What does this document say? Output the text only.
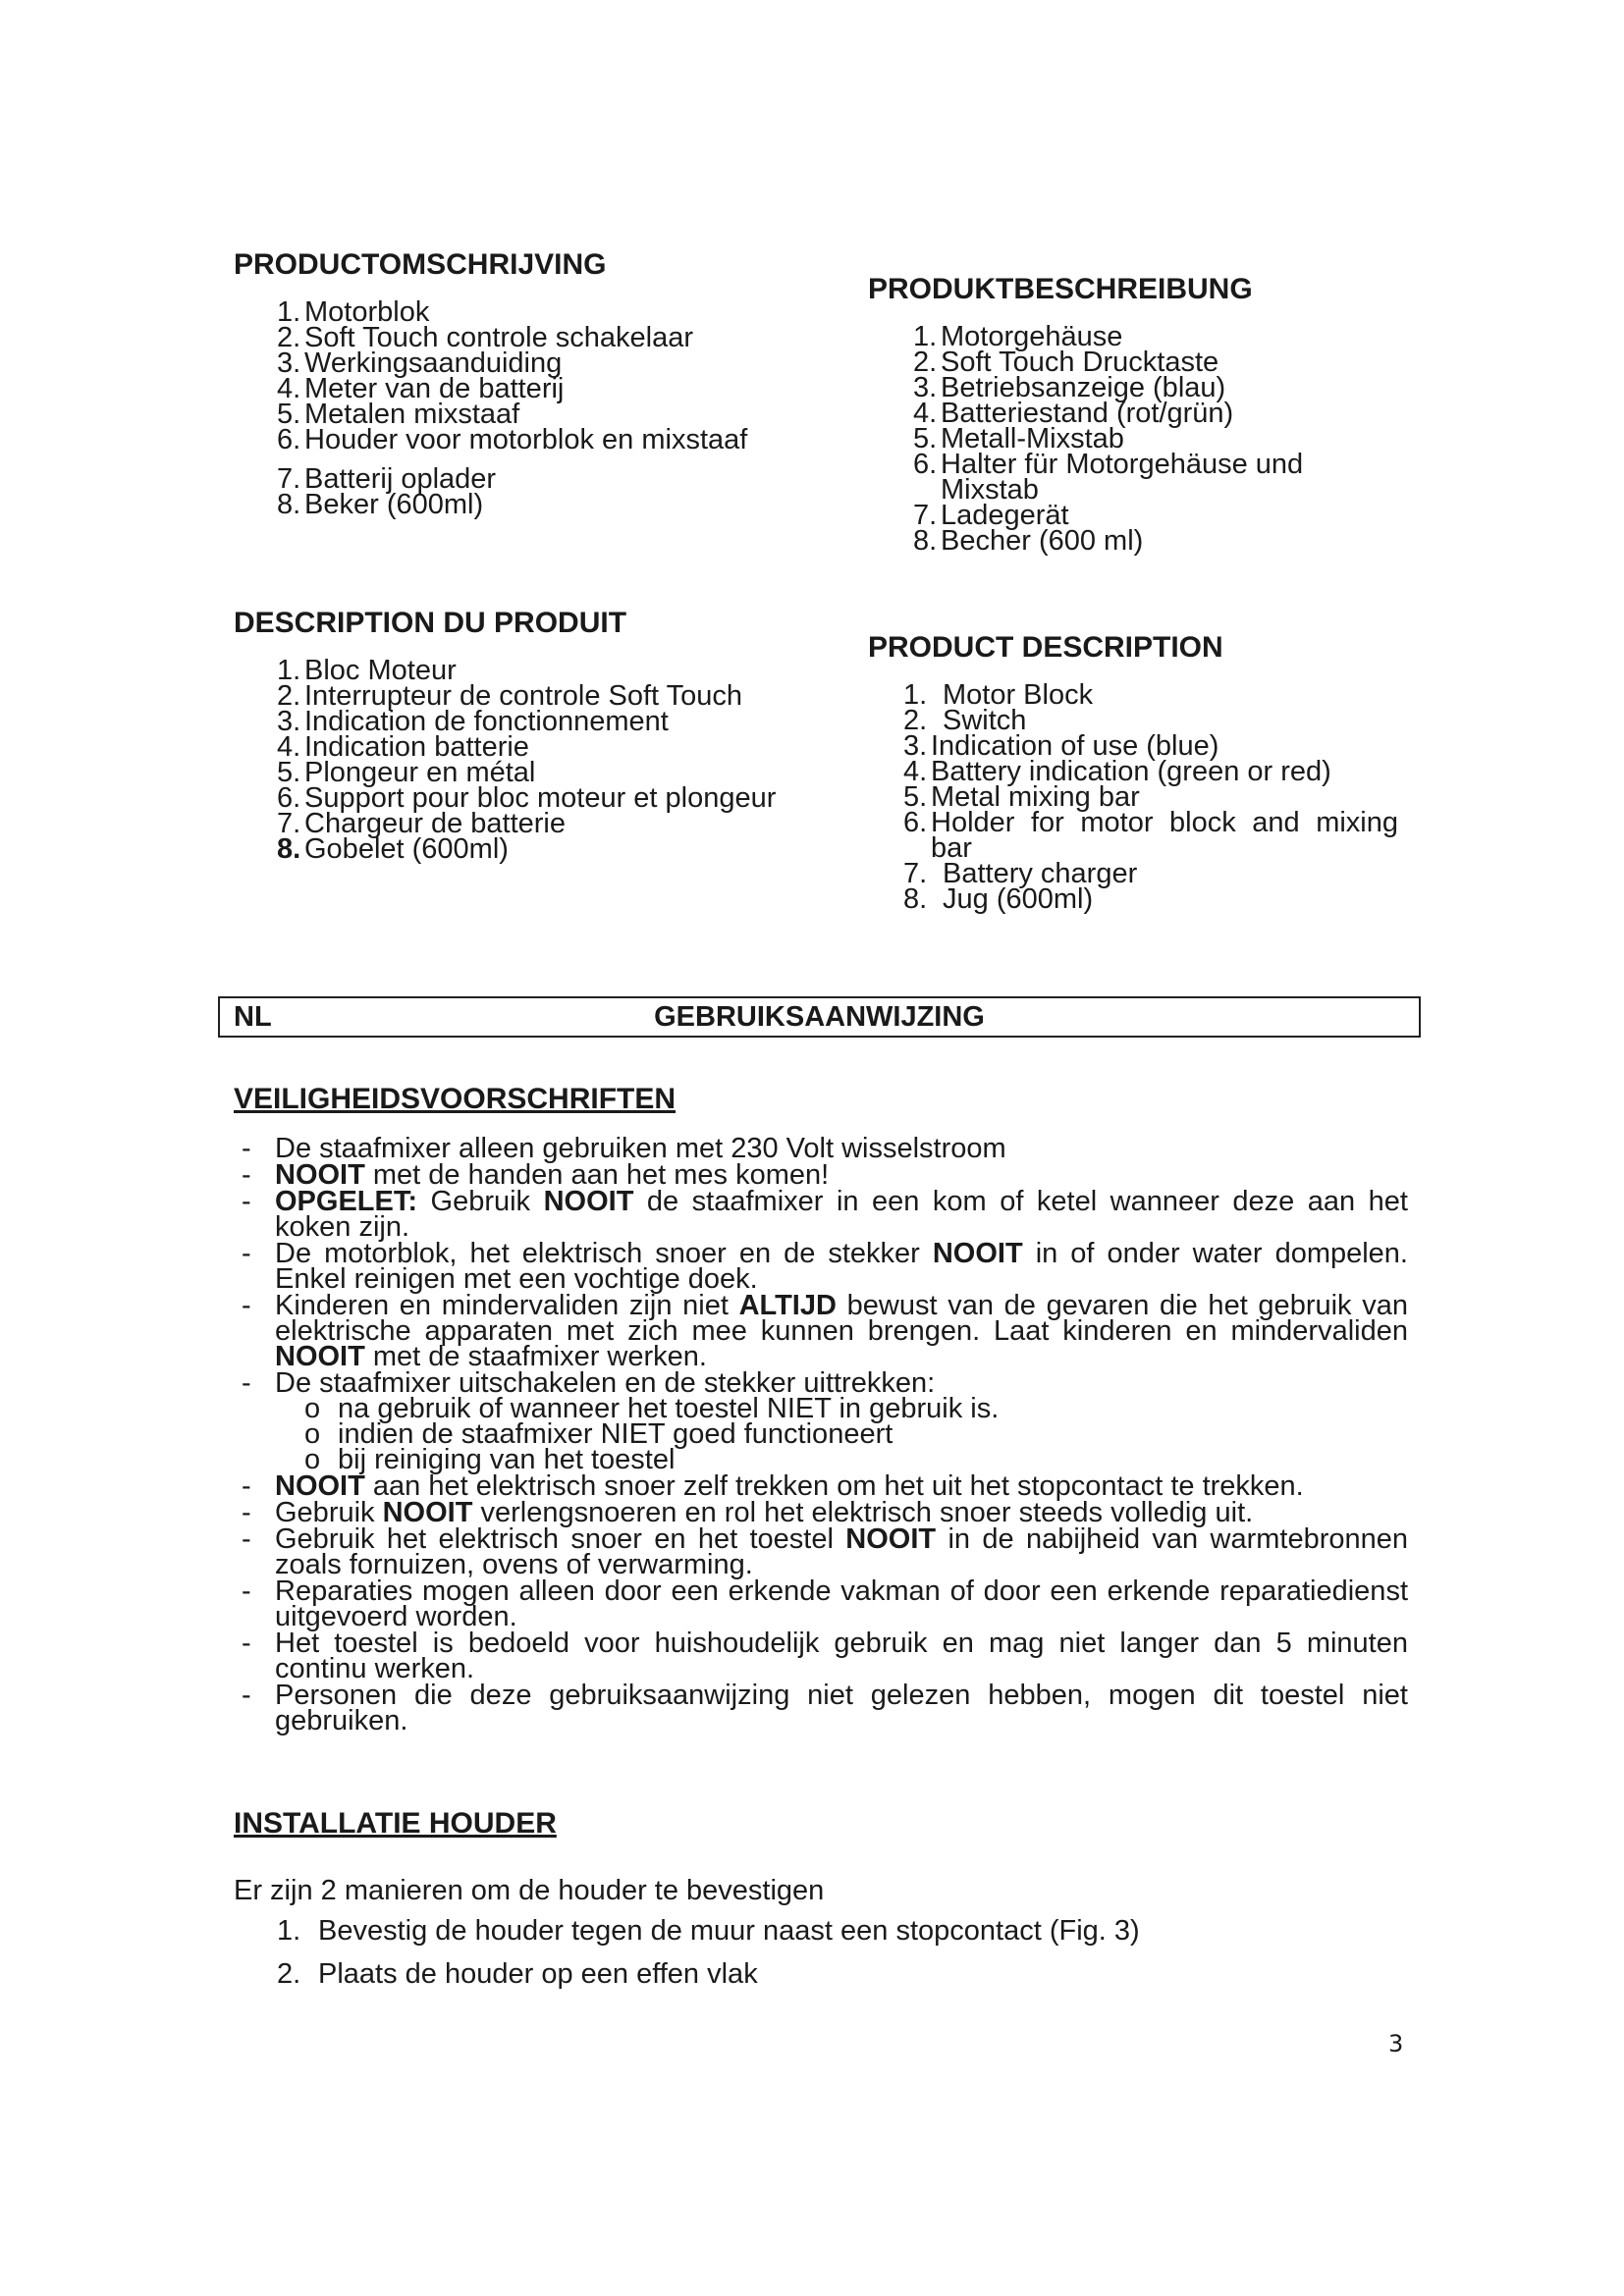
PRODUCTOMSCHRIJVING
1. Motorblok
2. Soft Touch controle schakelaar
3. Werkingsaanduiding
4. Meter van de batterij
5. Metalen mixstaaf
6. Houder voor motorblok en mixstaaf
7. Batterij oplader
8. Beker (600ml)
PRODUKTBESCHREIBUNG
1. Motorgehäuse
2. Soft Touch Drucktaste
3. Betriebsanzeige (blau)
4. Batteriestand (rot/grün)
5. Metall-Mixstab
6. Halter für Motorgehäuse und Mixstab
7. Ladegerät
8. Becher (600 ml)
DESCRIPTION DU PRODUIT
1. Bloc Moteur
2. Interrupteur de controle Soft Touch
3. Indication de fonctionnement
4. Indication batterie
5. Plongeur en métal
6. Support pour bloc moteur et plongeur
7. Chargeur de batterie
8. Gobelet (600ml)
PRODUCT DESCRIPTION
1. Motor Block
2. Switch
3. Indication of use (blue)
4. Battery indication (green or red)
5. Metal mixing bar
6. Holder for motor block and mixing bar
7. Battery charger
8. Jug (600ml)
NL	GEBRUIKSAANWIJZING
VEILIGHEIDSVOORSCHRIFTEN
- De staafmixer alleen gebruiken met 230 Volt wisselstroom
- NOOIT met de handen aan het mes komen!
- OPGELET: Gebruik NOOIT de staafmixer in een kom of ketel wanneer deze aan het koken zijn.
- De motorblok, het elektrisch snoer en de stekker NOOIT in of onder water dompelen. Enkel reinigen met een vochtige doek.
- Kinderen en mindervaliden zijn niet ALTIJD bewust van de gevaren die het gebruik van elektrische apparaten met zich mee kunnen brengen. Laat kinderen en mindervaliden NOOIT met de staafmixer werken.
- De staafmixer uitschakelen en de stekker uittrekken:
o na gebruik of wanneer het toestel NIET in gebruik is.
o indien de staafmixer NIET goed functioneert
o bij reiniging van het toestel
- NOOIT aan het elektrisch snoer zelf trekken om het uit het stopcontact te trekken.
- Gebruik NOOIT verlengsnoeren en rol het elektrisch snoer steeds volledig uit.
- Gebruik het elektrisch snoer en het toestel NOOIT in de nabijheid van warmtebronnen zoals fornuizen, ovens of verwarming.
- Reparaties mogen alleen door een erkende vakman of door een erkende reparatiedienst uitgevoerd worden.
- Het toestel is bedoeld voor huishoudelijk gebruik en mag niet langer dan 5 minuten continu werken.
- Personen die deze gebruiksaanwijzing niet gelezen hebben, mogen dit toestel niet gebruiken.
INSTALLATIE HOUDER

Er zijn 2 manieren om de houder te bevestigen

1. Bevestig de houder tegen de muur naast een stopcontact (Fig. 3)
2. Plaats de houder op een effen vlak
3
